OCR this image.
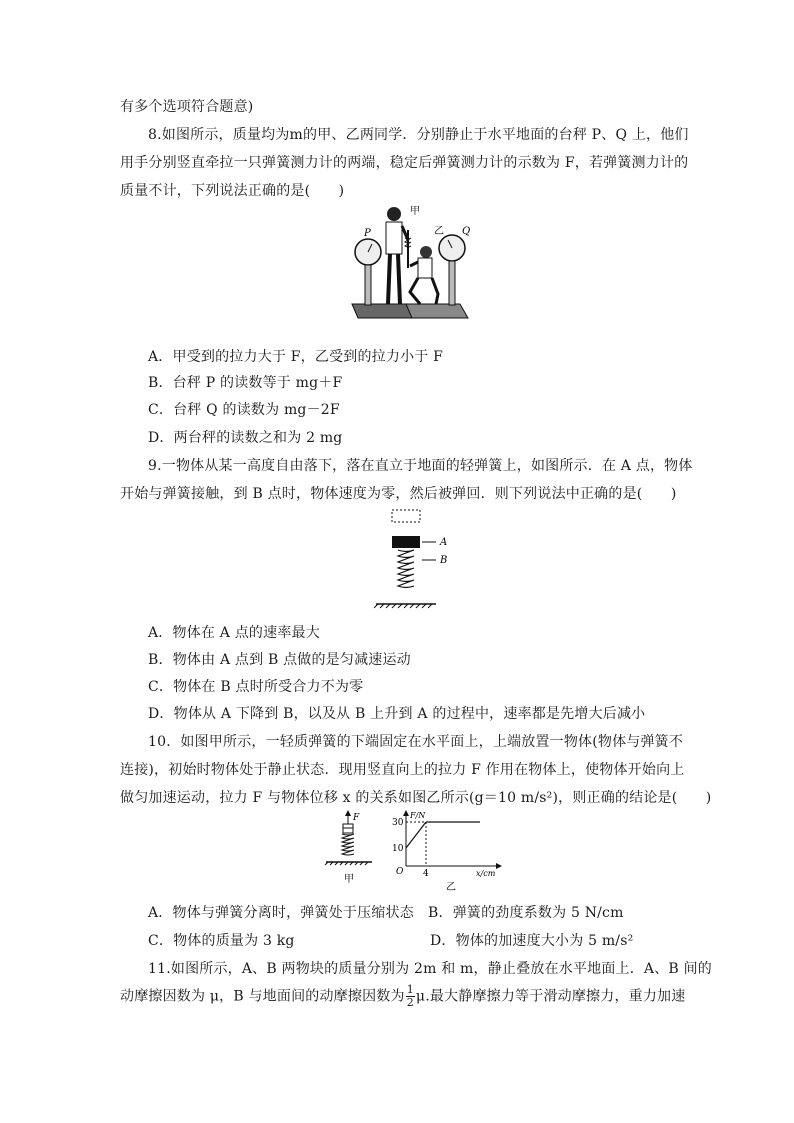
有多个选项符合题意)
8.如图所示，质量均为m的甲、乙两同学．分别静止于水平地面的台秤 P、Q 上，他们
用手分别竖直牵拉一只弹簧测力计的两端，稳定后弹簧测力计的示数为 F，若弹簧测力计的
质量不计，下列说法正确的是(　　)
P
甲
乙 Q
A．甲受到的拉力大于 F，乙受到的拉力小于 F
B．台秤 P 的读数等于 mg＋F
C．台秤 Q 的读数为 mg－2F
D．两台秤的读数之和为 2 mg
9.一物体从某一高度自由落下，落在直立于地面的轻弹簧上，如图所示．在 A 点，物体
开始与弹簧接触，到 B 点时，物体速度为零，然后被弹回．则下列说法中正确的是(　　)
A
B
A．物体在 A 点的速率最大
B．物体由 A 点到 B 点做的是匀减速运动
C．物体在 B 点时所受合力不为零
D．物体从 A 下降到 B，以及从 B 上升到 A 的过程中，速率都是先增大后减小
10．如图甲所示，一轻质弹簧的下端固定在水平面上，上端放置一物体(物体与弹簧不
连接)，初始时物体处于静止状态．现用竖直向上的拉力 F 作用在物体上，使物体开始向上
做匀加速运动，拉力 F 与物体位移 x 的关系如图乙所示(g＝10 m/s²)，则正确的结论是(　　)
F
甲
F/N
30
10
O 4	x/cm
乙
A．物体与弹簧分离时，弹簧处于压缩状态 B．弹簧的劲度系数为 5 N/cm
C．物体的质量为 3 kg	D．物体的加速度大小为 5 m/s²
11.如图所示，A、B 两物块的质量分别为 2m 和 m，静止叠放在水平地面上．A、B 间的
动摩擦因数为 μ，B 与地面间的动摩擦因数为 $\frac{1}{2} \mu$.最大静摩擦力等于滑动摩擦力，重力加速
